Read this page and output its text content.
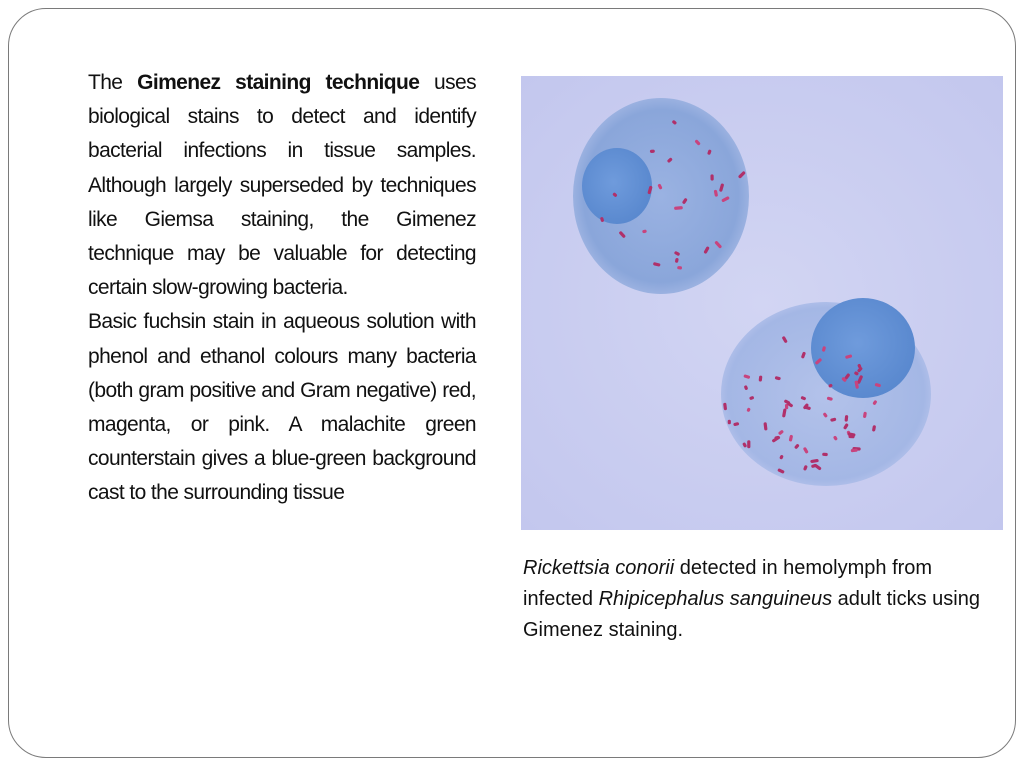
The Gimenez staining technique uses biological stains to detect and identify bacterial infections in tissue samples. Although largely superseded by techniques like Giemsa staining, the Gimenez technique may be valuable for detecting certain slow-growing bacteria.

Basic fuchsin stain in aqueous solution with phenol and ethanol colours many bacteria (both gram positive and Gram negative) red, magenta, or pink. A malachite green counterstain gives a blue-green background cast to the surrounding tissue

Rickettsia conorii detected in hemolymph from infected Rhipicephalus sanguineus adult ticks using Gimenez staining.
